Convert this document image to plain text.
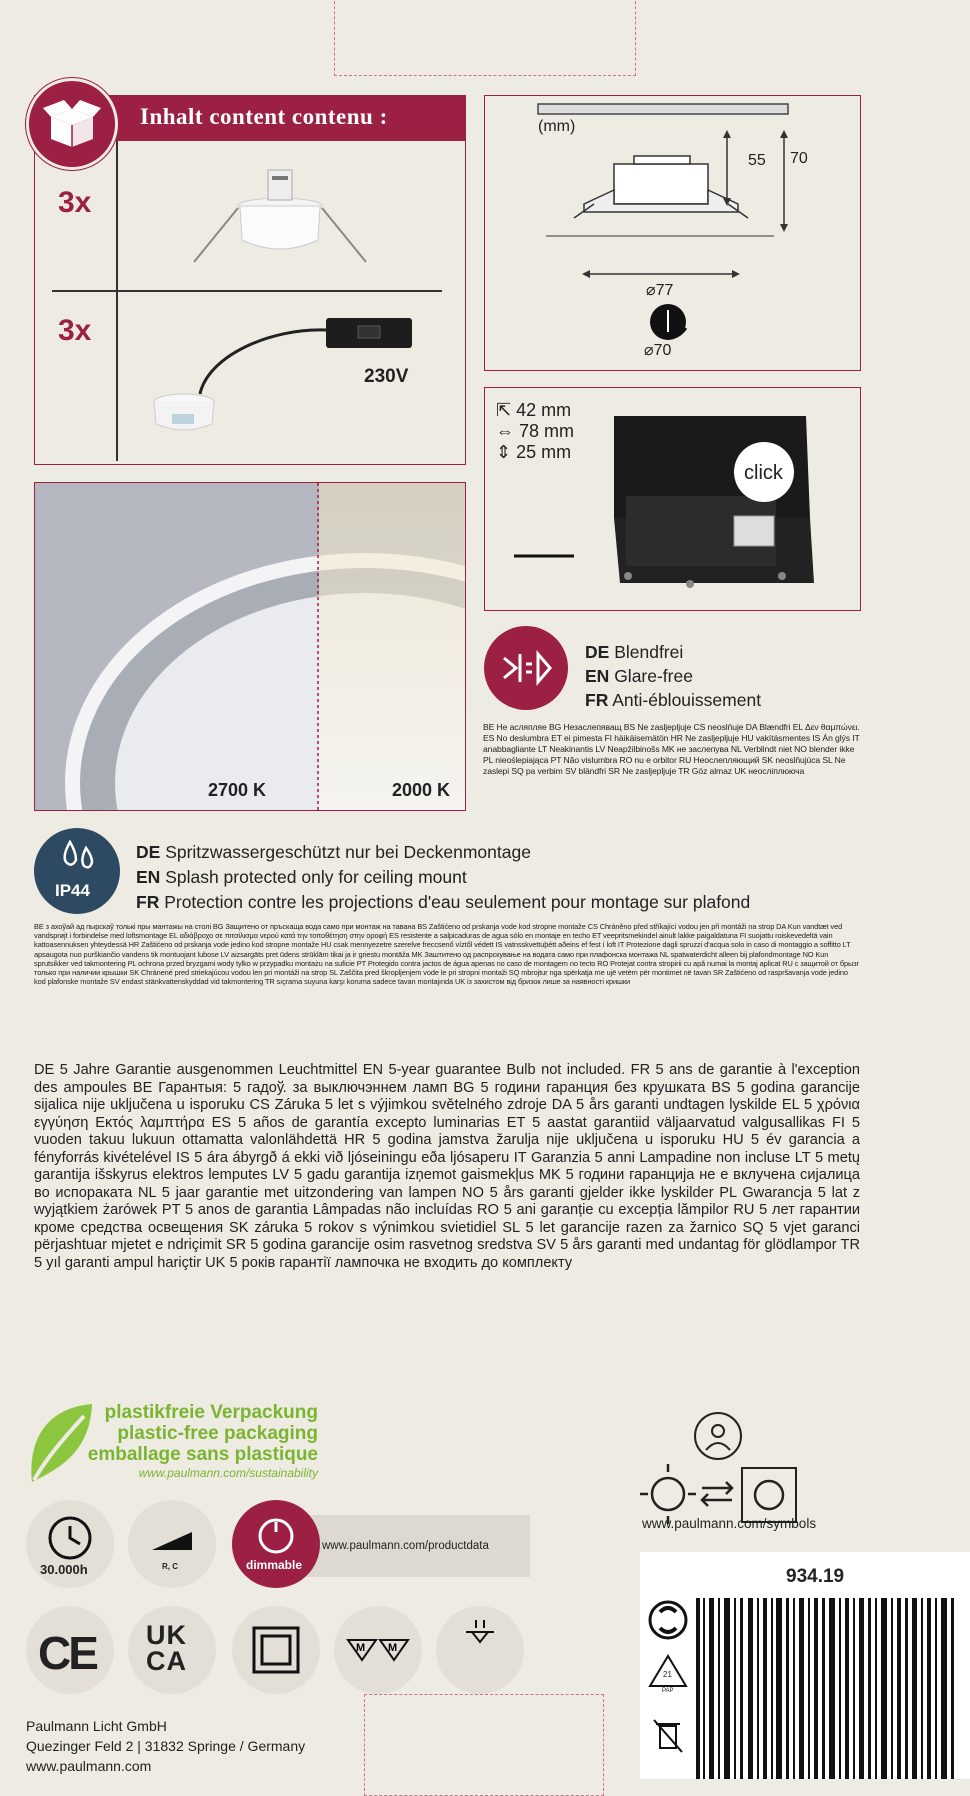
Inhalt content contenu :
3x
3x
230V
(mm)
55 70
⌀77
⌀70
⇱ 42 mm
⇔ 78 mm
⇕ 25 mm
click
2700 K	2000 K
DE Blendfrei
EN Glare-free
FR Anti-éblouissement
BE Не асляпляе BG Незаслепяващ BS Ne zasljepljuje CS neoslňuje DA Blændfri EL Δεν θαμπώνει. ES No deslumbra ET ei pimesta FI häikäisemätön HR Ne zasljepljuje HU vakításmentes IS Án glýs IT anabbagliante LT Neakinantis LV Neapžilbinošs MK не заслепува NL Verblindt niet NO blender ikke PL nieoślepiająca PT Não vislumbra RO nu e orbitor RU Неослепляющий SK neoslňujúca SL Ne zaslepi SQ pa verbim SV bländfri SR Ne zasljepljuje TR Göz almaz UK неосліплююча
IP44
DE Spritzwassergeschützt nur bei Deckenmontage
EN Splash protected only for ceiling mount
FR Protection contre les projections d'eau seulement pour montage sur plafond
BE з ахоўай ад пырскаў толькі пры мантажы на столі BG Защитено от пръскаща вода само при монтаж на тавана BS Zaštićeno od prskanja vode kod stropne montaže CS Chráněno před stříkající vodou jen při montáži na strop DA Kun vandtæt ved vandsprøjt i forbindelse med loftsmontage EL αδιάβροχο σε πιτσίλισμα νερού κατά την τοποθέτηση στην οροφή ES resistente a salpicaduras de agua sólo en montaje en techo ET veepritsmekindel ainult lakke paigaldatuna FI suojattu roiskevedeltä vain kattoasennuksen yhteydessä HR Zaštićeno od prskanja vode jedino kod stropne montaže HU csak mennyezetre szerelve freccsenő víztől védett IS vatnsskvettuþétt aðeins ef fest í loft IT Protezione dagli spruzzi d'acqua solo in caso di montaggio a soffitto LT apsaugota nuo purškiančio vandens tik montuojant lubose LV aizsargāts pret ūdens strūklām tikai ja ir griestu montāža MK Заштитено од распрскување на водата само при плафонска монтажа NL spatwaterdicht alleen bij plafondmontage NO Kun sprutsikker ved takmontering PL ochrona przed bryzgami wody tylko w przypadku montażu na suficie PT Protegido contra jactos de água apenas no caso de montagem no tecto RO Protejat contra stropirii cu apă numai la montaj aplicat RU с защитой от брызг только при наличии крышки SK Chránené pred striekajúcou vodou len pri montáži na strop SL Zaščita pred škropljenjem vode le pri stropni montaži SQ mbrojtur nga spërkatja me ujë vetëm për montimet në tavan SR Zaštićeno od raspršavanja vode jedino kod plafonske montaže SV endast stänkvattenskyddad vid takmontering TR sıçrama suyuna karşı koruma sadece tavan montajında UK із захистом від бризок лише за наявності кришки
DE 5 Jahre Garantie ausgenommen Leuchtmittel EN 5-year guarantee Bulb not included. FR 5 ans de garantie à l'exception des ampoules BE Гарантыя: 5 гадоў. за выключэннем ламп BG 5 години гаранция без крушката BS 5 godina garancije sijalica nije uključena u isporuku CS Záruka 5 let s výjimkou světelného zdroje DA 5 års garanti undtagen lyskilde EL 5 χρόνια εγγύηση Εκτός λαμπτήρα ES 5 años de garantía excepto luminarias ET 5 aastat garantiid väljaarvatud valgusallikas FI 5 vuoden takuu lukuun ottamatta valonlähdettä HR 5 godina jamstva žarulja nije uključena u isporuku HU 5 év garancia a fényforrás kivételével IS 5 ára ábyrgð á ekki við ljóseiningu eða ljósaperu IT Garanzia 5 anni Lampadine non incluse LT 5 metų garantija išskyrus elektros lemputes LV 5 gadu garantija izņemot gaismekļus MK 5 години гаранција не е вклучена сијалица во испораката NL 5 jaar garantie met uitzondering van lampen NO 5 års garanti gjelder ikke lyskilder PL Gwarancja 5 lat z wyjątkiem żarówek PT 5 anos de garantia Lâmpadas não incluídas RO 5 ani garanție cu excepția lămpilor RU 5 лет гарантии кроме средства освещения SK záruka 5 rokov s výnimkou svietidiel SL 5 let garancije razen za žarnico SQ 5 vjet garanci përjashtuar mjetet e ndriçimit SR 5 godina garancije osim rasvetnog sredstva SV 5 års garanti med undantag för glödlampor TR 5 yıl garanti ampul hariçtir UK 5 років гарантії лампочка не входить до комплекту
plastikfreie Verpackung
plastic-free packaging
emballage sans plastique
www.paulmann.com/sustainability
www.paulmann.com/symbols
30.000h	R, C
www.paulmann.com/productdata
dimmable
CE UK
CA	M M
934.19
21
PAP
Paulmann Licht GmbH
Quezinger Feld 2 | 31832 Springe / Germany
www.paulmann.com
